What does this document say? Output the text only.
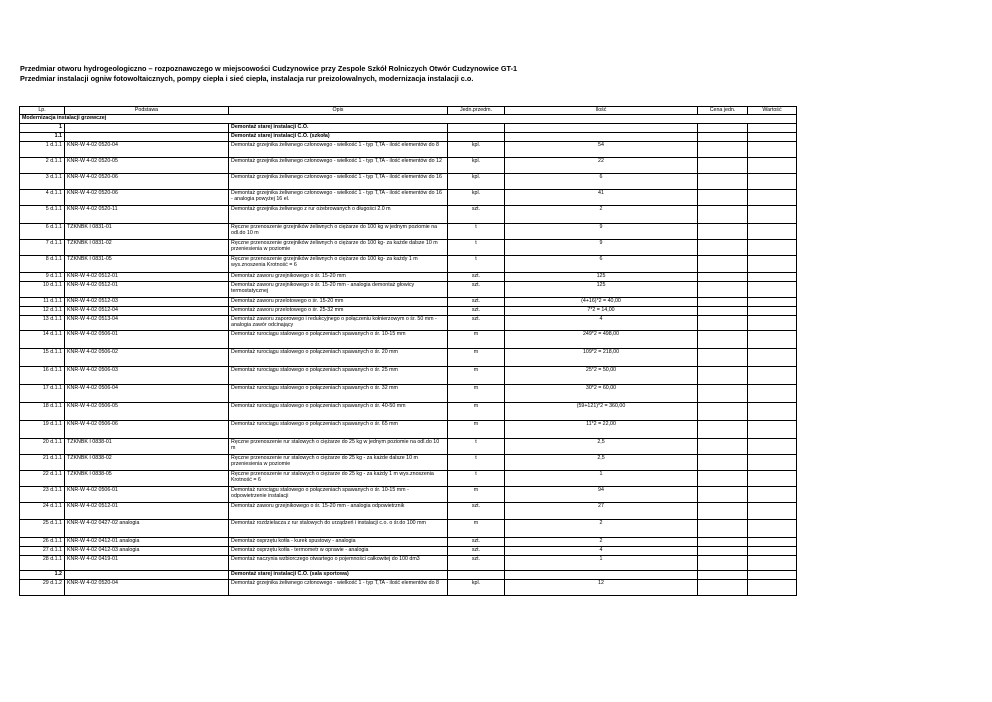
Przedmiar otworu hydrogeologiczno – rozpoznawczego w miejscowości Cudzynowice przy Zespole Szkół Rolniczych Otwór Cudzynowice GT-1
Przedmiar instalacji ogniw fotowoltaicznych, pompy ciepła i sieć ciepła, instalacja rur preizolowalnych, modernizacja instalacji c.o.
Lp.	Podstawa	Opis	Jedn.przedm.	Ilość	Cena jedn.	Wartość
Modernizacja instalacji grzewczej						
1		Demontaż starej instalacji C.O.				
1.1		Demontaż starej instalacji C.O. (szkoła)				
1 d.1.1	KNR-W 4-02 0520-04	Demontaż grzejnika żeliwnego członowego - wielkość 1 - typ T,TA - ilość elementów do 8	kpl.	54		
2 d.1.1	KNR-W 4-02 0520-05	Demontaż grzejnika żeliwnego członowego - wielkość 1 - typ T,TA - ilość elementów do 12	kpl.	22		
3 d.1.1	KNR-W 4-02 0520-06	Demontaż grzejnika żeliwnego członowego - wielkość 1 - typ T,TA - ilość elementów do 16	kpl.	6		
4 d.1.1	KNR-W 4-02 0520-06	Demontaż grzejnika żeliwnego członowego - wielkość 1 - typ T,TA - ilość elementów do 16 - analogia powyżej 16 el.	kpl.	41		
5 d.1.1	KNR-W 4-02 0520-11	Demontaż grzejnika żeliwnego z rur ożebrowanych o długości 2.0 m	szt.	2		
6 d.1.1	TZKNBK I 0831-01	Ręczne przenoszenie grzejników żeliwnych o ciężarze do 100 kg w jednym poziomie na odl.do 10 m	t	9		
7 d.1.1	TZKNBK I 0831-02	Ręczne przenoszenie grzejników żeliwnych o ciężarze do 100 kg- za każde dalsze 10 m przeniesienia w poziomie	t	9		
8 d.1.1	TZKNBK I 0831-05	Ręczne przenoszenie grzejników żeliwnych o ciężarze do 100 kg- za każdy 1 m wys.znoszenia Krotność = 6	t	6		
9 d.1.1	KNR-W 4-02 0512-01	Demontaż zaworu grzejnikowego o śr. 15-20 mm	szt.	125		
10 d.1.1	KNR-W 4-02 0512-01	Demontaż zaworu grzejnikowego o śr. 15-20 mm - analogia demontaż głowicy termostatycznej	szt.	125		
11 d.1.1	KNR-W 4-02 0512-03	Demontaż zaworu przelotowego o śr. 15-20 mm	szt.	(4+16)*2 = 40,00		
12 d.1.1	KNR-W 4-02 0512-04	Demontaż zaworu przelotowego o śr. 25-32 mm	szt.	7*2 = 14,00		
13 d.1.1	KNR-W 4-02 0513-04	Demontaż zaworu zaporowego i redukcyjnego o połączeniu kołnierzowym o śr. 50 mm - analogia zawór odcinający	szt.	4		
14 d.1.1	KNR-W 4-02 0506-01	Demontaż rurociągu stalowego o połączeniach spawanych o śr. 10-15 mm	m	249*2 = 498,00		
15 d.1.1	KNR-W 4-02 0506-02	Demontaż rurociągu stalowego o połączeniach spawanych o śr. 20 mm	m	109*2 = 218,00		
16 d.1.1	KNR-W 4-02 0506-03	Demontaż rurociągu stalowego o połączeniach spawanych o śr. 25 mm	m	25*2 = 50,00		
17 d.1.1	KNR-W 4-02 0506-04	Demontaż rurociągu stalowego o połączeniach spawanych o śr. 32 mm	m	30*2 = 60,00		
18 d.1.1	KNR-W 4-02 0506-05	Demontaż rurociągu stalowego o połączeniach spawanych o śr. 40-50 mm	m	(59+121)*2 = 360,00		
19 d.1.1	KNR-W 4-02 0506-06	Demontaż rurociągu stalowego o połączeniach spawanych o śr. 65 mm	m	11*2 = 22,00		
20 d.1.1	TZKNBK I 0838-01	Ręczne przenoszenie rur stalowych o ciężarze do 25 kg w jednym poziomie na odl.do 10 m	t	2,5		
21 d.1.1	TZKNBK I 0838-02	Ręczne przenoszenie rur stalowych o ciężarze do 25 kg - za każde dalsze 10 m przeniesienia w poziomie	t	2,5		
22 d.1.1	TZKNBK I 0838-05	Ręczne przenoszenie rur stalowych o ciężarze do 25 kg - za każdy 1 m wys.znoszenia Krotność = 6	t	1		
23 d.1.1	KNR-W 4-02 0506-01	Demontaż rurociągu stalowego o połączeniach spawanych o śr. 10-15 mm - odpowietrzenie instalacji	m	94		
24 d.1.1	KNR-W 4-02 0512-01	Demontaż zaworu grzejnikowego o śr. 15-20 mm - analogia odpowietrznik	szt.	27		
25 d.1.1	KNR-W 4-02 0427-02 analogia	Demontaż rozdzielacza z rur stalowych do urządzeń i instalacji c.o. o śr.do 100 mm	m	2		
26 d.1.1	KNR-W 4-02 0412-01 analogia	Demontaż osprzętu kotła - kurek spustowy - analogia	szt.	2		
27 d.1.1	KNR-W 4-02 0412-03 analogia	Demontaż osprzętu kotła - termometr w oprawie - analogia	szt.	4		
28 d.1.1	KNR-W 4-02 0419-01	Demontaż naczynia wzbiorczego otwartego o pojemności całkowitej do 100 dm3	szt.	1		
1.2		Demontaż starej instalacji C.O. (sala sportowa)				
29 d.1.2	KNR-W 4-02 0520-04	Demontaż grzejnika żeliwnego członowego - wielkość 1 - typ T,TA - ilość elementów do 8	kpl.	12		
